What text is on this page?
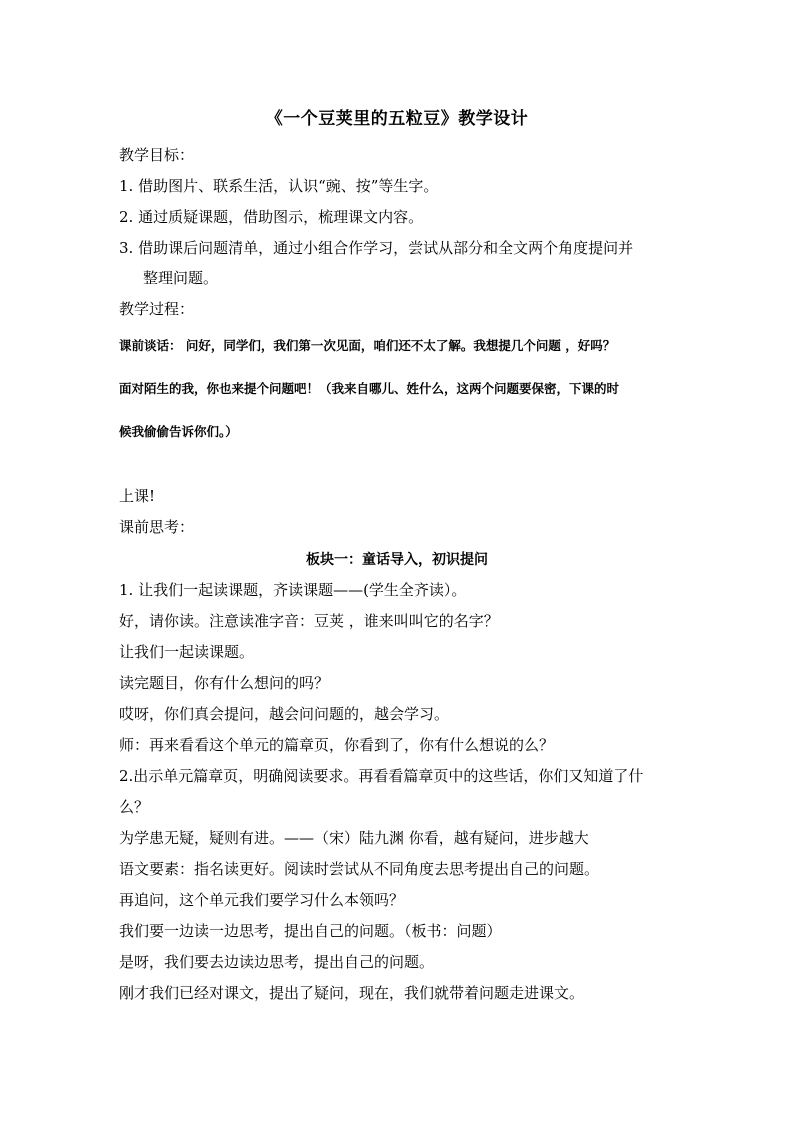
《一个豆荚里的五粒豆》教学设计
教学目标：
1. 借助图片、联系生活，认识“豌、按”等生字。
2. 通过质疑课题，借助图示，梳理课文内容。
3. 借助课后问题清单，通过小组合作学习，尝试从部分和全文两个角度提问并
整理问题。
教学过程：
课前谈话： 问好，同学们，我们第一次见面，咱们还不太了解。我想提几个问题 ，好吗？
面对陌生的我，你也来提个问题吧！（我来自哪儿、姓什么，这两个问题要保密，下课的时
候我偷偷告诉你们。）
上课!
课前思考：
板块一：童话导入，初识提问
1. 让我们一起读课题，齐读课题——(学生全齐读）。
好，请你读。注意读准字音：豆荚 ，谁来叫叫它的名字？
让我们一起读课题。
读完题目，你有什么想问的吗？
哎呀，你们真会提问，越会问问题的，越会学习。
师：再来看看这个单元的篇章页，你看到了，你有什么想说的么？
2.出示单元篇章页，明确阅读要求。再看看篇章页中的这些话，你们又知道了什
么？
为学患无疑，疑则有进。——（宋）陆九渊 你看，越有疑问，进步越大
语文要素：指名读更好。阅读时尝试从不同角度去思考提出自己的问题。
再追问，这个单元我们要学习什么本领吗？
我们要一边读一边思考，提出自己的问题。（板书：问题）
是呀，我们要去边读边思考，提出自己的问题。
刚才我们已经对课文，提出了疑问，现在，我们就带着问题走进课文。
